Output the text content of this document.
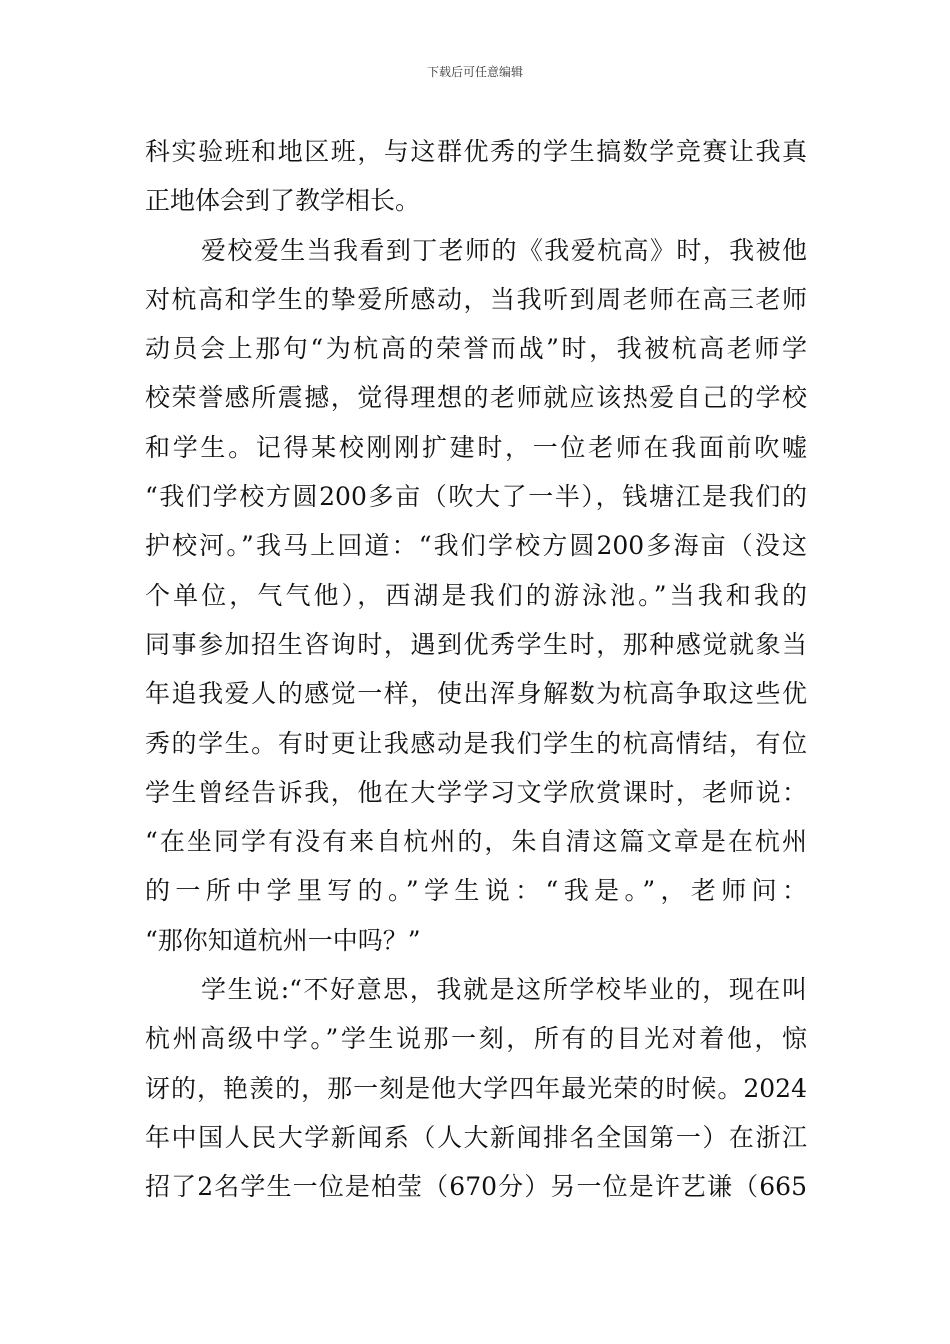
下载后可任意编辑
科实验班和地区班，与这群优秀的学生搞数学竞赛让我真
正地体会到了教学相长。
爱校爱生当我看到丁老师的《我爱杭高》时，我被他
对杭高和学生的挚爱所感动，当我听到周老师在高三老师
动员会上那句“为杭高的荣誉而战”时，我被杭高老师学
校荣誉感所震撼，觉得理想的老师就应该热爱自己的学校
和学生。记得某校刚刚扩建时，一位老师在我面前吹嘘
“我们学校方圆200多亩（吹大了一半），钱塘江是我们的
护校河。”我马上回道：“我们学校方圆200多海亩（没这
个单位，气气他），西湖是我们的游泳池。”当我和我的
同事参加招生咨询时，遇到优秀学生时，那种感觉就象当
年追我爱人的感觉一样，使出浑身解数为杭高争取这些优
秀的学生。有时更让我感动是我们学生的杭高情结，有位
学生曾经告诉我，他在大学学习文学欣赏课时，老师说：
“在坐同学有没有来自杭州的，朱自清这篇文章是在杭州
的一所中学里写的。”学生说：“我是。”，老师问：
“那你知道杭州一中吗？”
学生说:“不好意思，我就是这所学校毕业的，现在叫
杭州高级中学。”学生说那一刻，所有的目光对着他，惊
讶的，艳羡的，那一刻是他大学四年最光荣的时候。2024
年中国人民大学新闻系（人大新闻排名全国第一）在浙江
招了2名学生一位是柏莹（670分）另一位是许艺谦（665
